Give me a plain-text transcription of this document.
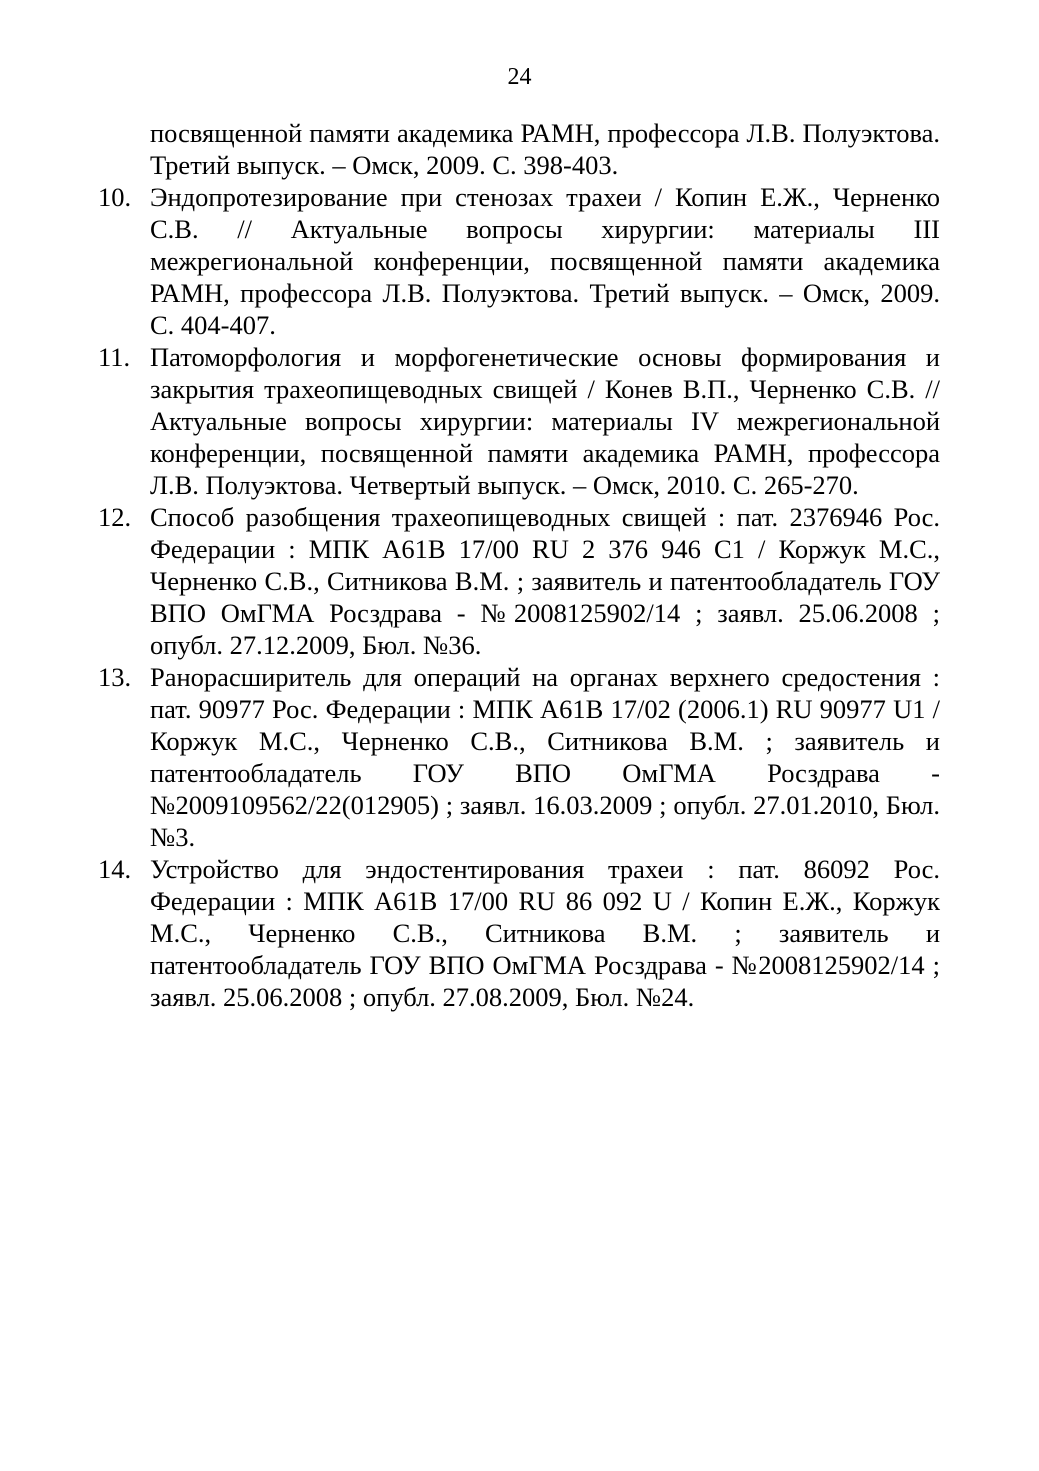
24
посвященной памяти академика РАМН, профессора Л.В. Полуэктова. Третий выпуск. – Омск, 2009. С. 398-403.
10. Эндопротезирование при стенозах трахеи / Копин Е.Ж., Черненко С.В. // Актуальные вопросы хирургии: материалы III межрегиональной конференции, посвященной памяти академика РАМН, профессора Л.В. Полуэктова. Третий выпуск. – Омск, 2009. С. 404-407.
11. Патоморфология и морфогенетические основы формирования и закрытия трахеопищеводных свищей / Конев В.П., Черненко С.В. // Актуальные вопросы хирургии: материалы IV межрегиональной конференции, посвященной памяти академика РАМН, профессора Л.В. Полуэктова. Четвертый выпуск. – Омск, 2010. С. 265-270.
12. Способ разобщения трахеопищеводных свищей : пат. 2376946 Рос. Федерации : МПК A61B 17/00 RU 2 376 946 C1 / Коржук М.С., Черненко С.В., Ситникова В.М. ; заявитель и патентообладатель ГОУ ВПО ОмГМА Росздрава - №2008125902/14 ; заявл. 25.06.2008 ; опубл. 27.12.2009, Бюл. №36.
13. Ранорасширитель для операций на органах верхнего средостения : пат. 90977 Рос. Федерации : МПК A61B 17/02 (2006.1) RU 90977 U1 / Коржук М.С., Черненко С.В., Ситникова В.М. ; заявитель и патентообладатель ГОУ ВПО ОмГМА Росздрава - №2009109562/22(012905) ; заявл. 16.03.2009 ; опубл. 27.01.2010, Бюл. №3.
14. Устройство для эндостентирования трахеи : пат. 86092 Рос. Федерации : МПК A61B 17/00 RU 86 092 U / Копин Е.Ж., Коржук М.С., Черненко С.В., Ситникова В.М. ; заявитель и патентообладатель ГОУ ВПО ОмГМА Росздрава - №2008125902/14 ; заявл. 25.06.2008 ; опубл. 27.08.2009, Бюл. №24.
